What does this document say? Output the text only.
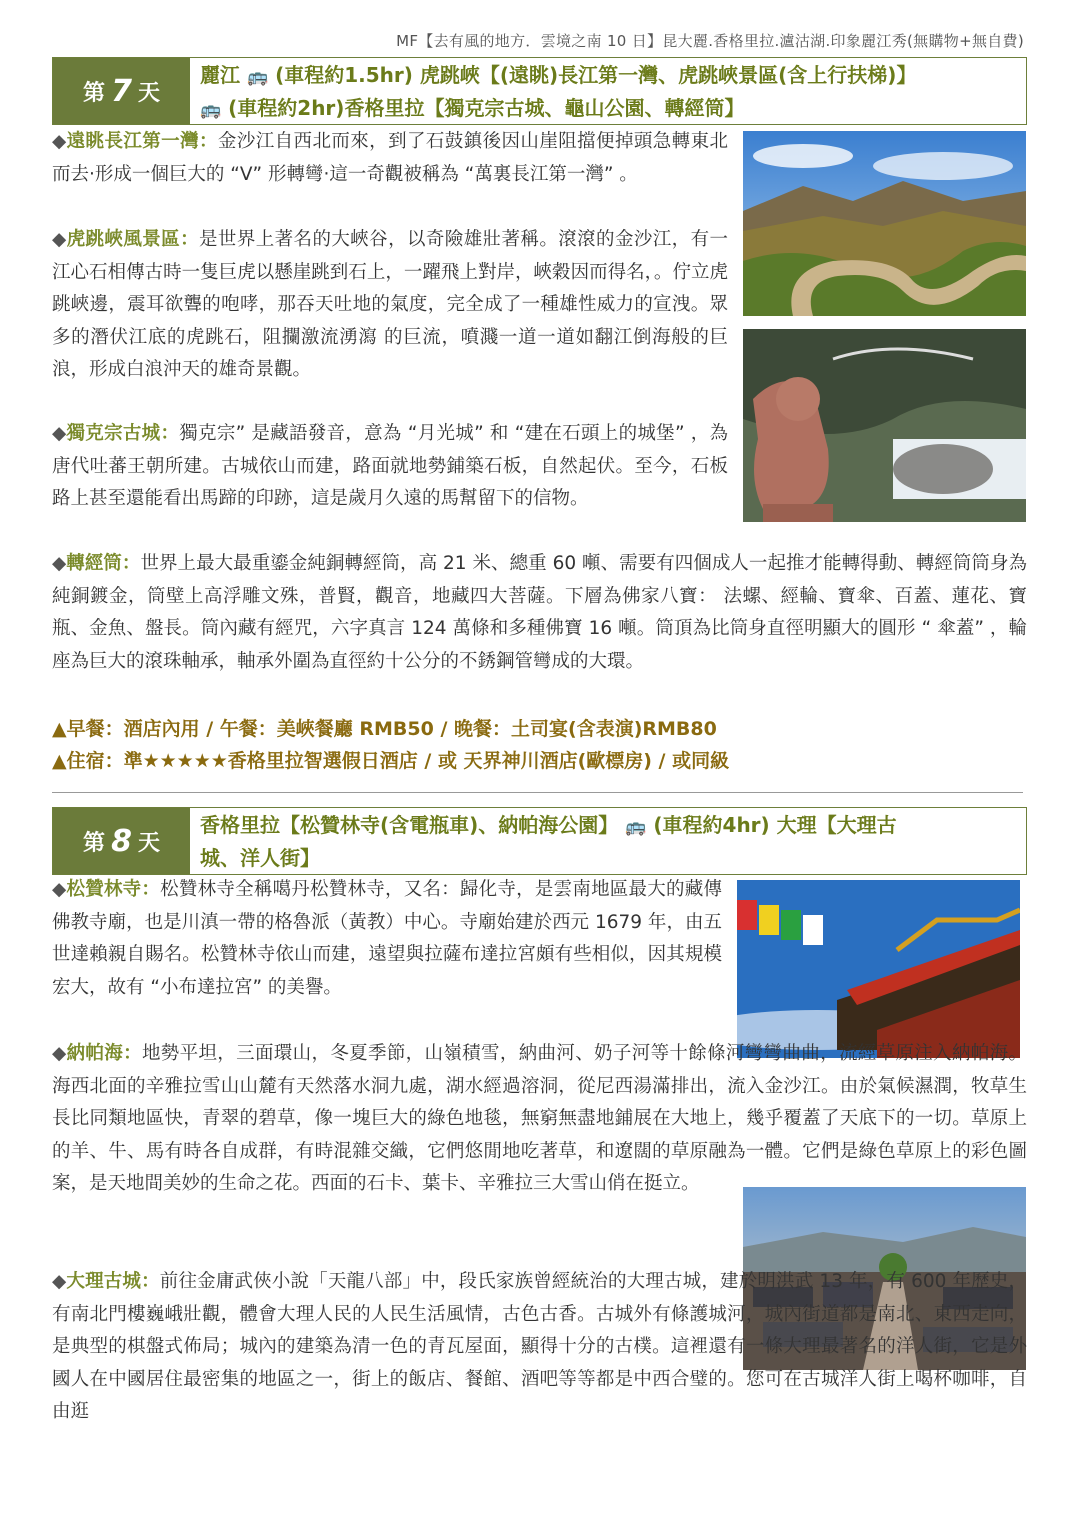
MF【去有風的地方．雲境之南 10 日】昆大麗.香格里拉.瀘沽湖.印象麗江秀(無購物+無自費)
第 7 天
麗江 🚌 (車程約1.5hr) 虎跳峽【(遠眺)長江第一灣、虎跳峽景區(含上行扶梯)】
🚌 (車程約2hr)香格里拉【獨克宗古城、龜山公園、轉經筒】
◆遠眺長江第一灣：金沙江自西北而來，到了石鼓鎮後因山崖阻擋便掉頭急轉東北而去‧形成一個巨大的 “V” 形轉彎‧這一奇觀被稱為 “萬裏長江第一灣” 。
◆虎跳峽風景區：是世界上著名的大峽谷，以奇險雄壯著稱。滾滾的金沙江，有一江心石相傳古時一隻巨虎以懸崖跳到石上，一躍飛上對岸，峽穀因而得名，。佇立虎跳峽邊，震耳欲聾的咆哮，那吞天吐地的氣度，完全成了一種雄性威力的宣洩。眾多的潛伏江底的虎跳石，阻攔激流湧瀉 的巨流，噴濺一道一道如翻江倒海般的巨浪，形成白浪沖天的雄奇景觀。
◆獨克宗古城：獨克宗” 是藏語發音，意為 “月光城” 和 “建在石頭上的城堡” ，為唐代吐蕃王朝所建。古城依山而建，路面就地勢鋪築石板，自然起伏。至今，石板路上甚至還能看出馬蹄的印跡，這是歲月久遠的馬幫留下的信物。
◆轉經筒：世界上最大最重鎏金純銅轉經筒，高 21 米、總重 60 噸、需要有四個成人一起推才能轉得動、轉經筒筒身為純銅鍍金，筒壁上高浮雕文殊，普賢，觀音，地藏四大菩薩。下層為佛家八寶： 法螺、經輪、寶傘、百蓋、蓮花、寶瓶、金魚、盤長。筒內藏有經咒，六字真言 124 萬條和多種佛寶 16 噸。筒頂為比筒身直徑明顯大的圓形 “ 傘蓋” ，輪座為巨大的滾珠軸承，軸承外圍為直徑約十公分的不銹鋼管彎成的大環。
▲早餐：酒店內用 / 午餐：美峽餐廳 RMB50 / 晚餐：土司宴(含表演)RMB80
▲住宿：準★★★★★香格里拉智選假日酒店 / 或 天界神川酒店(歐標房) / 或同級
第 8 天
香格里拉【松贊林寺(含電瓶車)、納帕海公園】 🚌 (車程約4hr) 大理【大理古
城、洋人街】
◆松贊林寺：松贊林寺全稱噶丹松贊林寺，又名：歸化寺，是雲南地區最大的藏傳佛教寺廟，也是川滇一帶的格魯派（黃教）中心。寺廟始建於西元 1679 年，由五世達賴親自賜名。松贊林寺依山而建，遠望與拉薩布達拉宮頗有些相似，因其規模宏大，故有 “小布達拉宮” 的美譽。
◆納帕海：地勢平坦，三面環山，冬夏季節，山嶺積雪，納曲河、奶子河等十餘條河彎彎曲曲，流經草原注入納帕海。海西北面的辛雅拉雪山山麓有天然落水洞九處，湖水經過溶洞，從尼西湯滿排出，流入金沙江。由於氣候濕潤，牧草生長比同類地區快，青翠的碧草，像一塊巨大的綠色地毯，無窮無盡地鋪展在大地上，幾乎覆蓋了天底下的一切。草原上的羊、牛、馬有時各自成群，有時混雜交織，它們悠閒地吃著草，和遼闊的草原融為一體。它們是綠色草原上的彩色圖案，是天地間美妙的生命之花。西面的石卡、葉卡、辛雅拉三大雪山俏在挺立。
◆大理古城：前往金庸武俠小說「天龍八部」中，段氏家族曾經統治的大理古城，建於明洪武 13 年，有 600 年歷史，有南北門樓巍峨壯觀，體會大理人民的人民生活風情，古色古香。古城外有條護城河，城內街道都是南北、東西走向，是典型的棋盤式佈局；城內的建築為清一色的青瓦屋面，顯得十分的古樸。這裡還有一條大理最著名的洋人街，它是外國人在中國居住最密集的地區之一，街上的飯店、餐館、酒吧等等都是中西合璧的。您可在古城洋人街上喝杯咖啡，自由逛
